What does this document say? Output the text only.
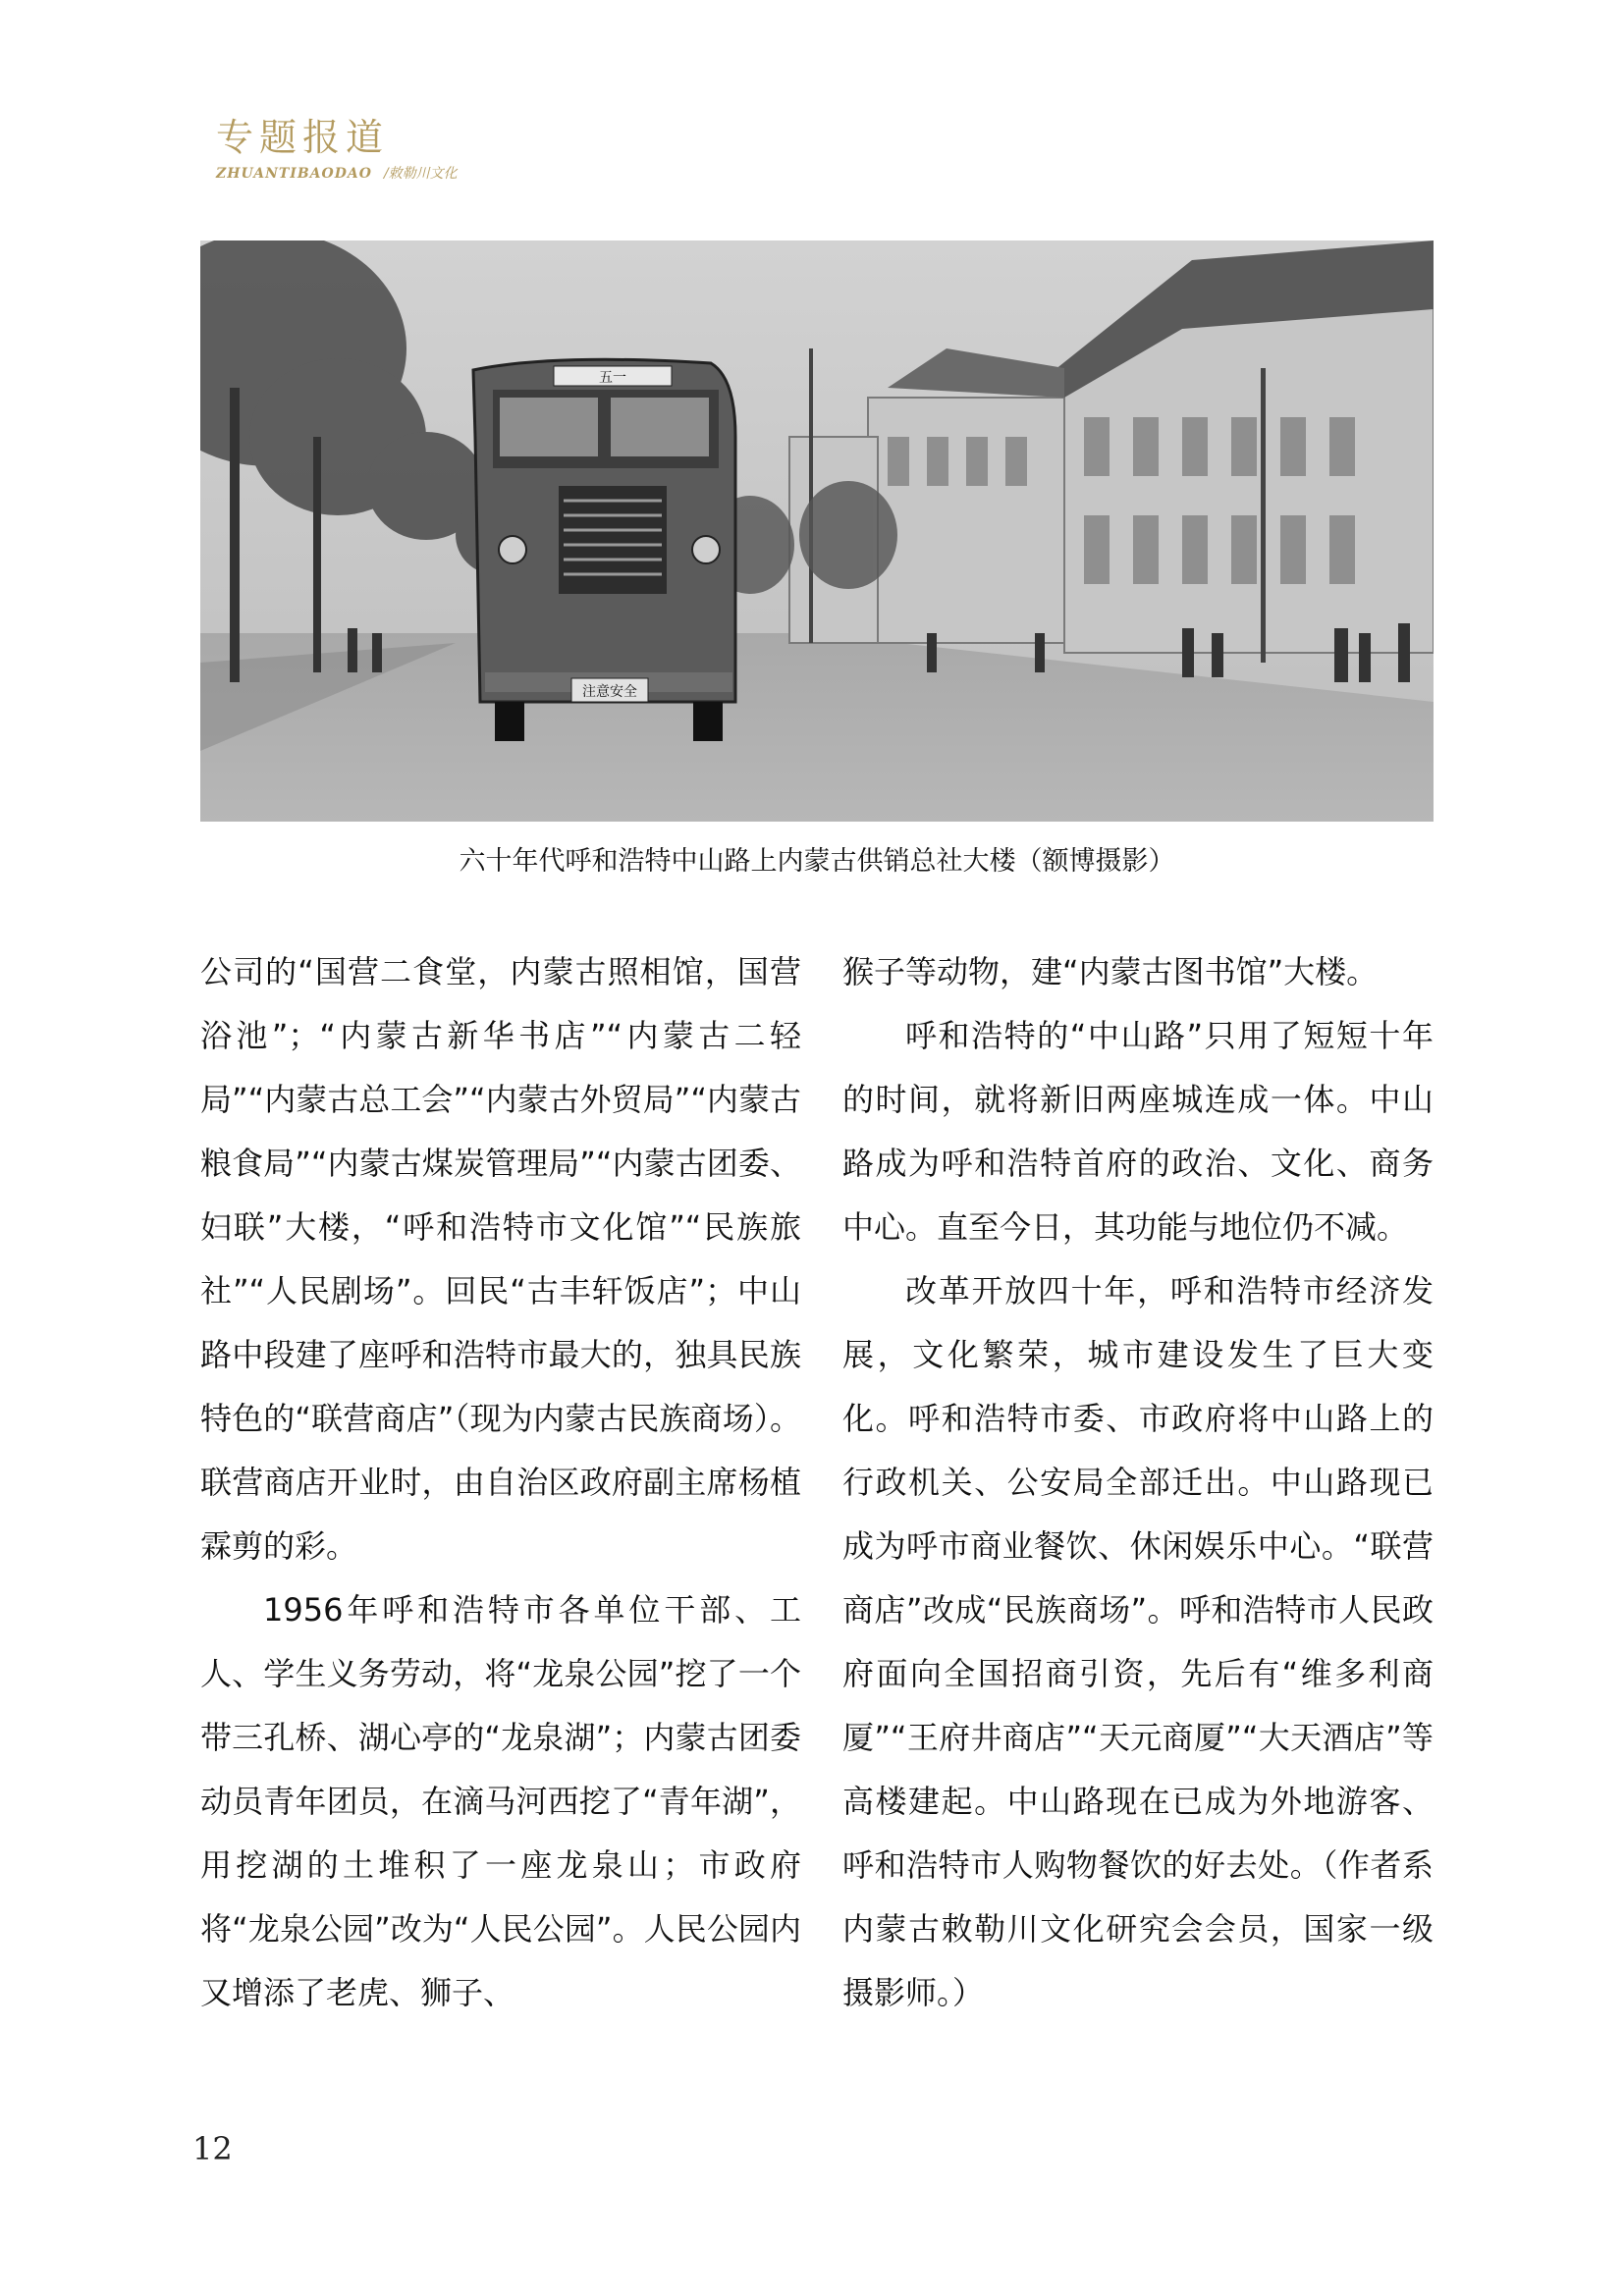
专题报道
ZHUANTIBAODAO /敕勒川文化
五一
注意安全
六十年代呼和浩特中山路上内蒙古供销总社大楼（额博摄影）

公司的“国营二食堂，内蒙古照相馆，国营浴池”；“内蒙古新华书店”“内蒙古二轻局”“内蒙古总工会”“内蒙古外贸局”“内蒙古粮食局”“内蒙古煤炭管理局”“内蒙古团委、妇联”大楼，“呼和浩特市文化馆”“民族旅社”“人民剧场”。回民“古丰轩饭店”；中山路中段建了座呼和浩特市最大的，独具民族特色的“联营商店”（现为内蒙古民族商场）。联营商店开业时，由自治区政府副主席杨植霖剪的彩。

1956年呼和浩特市各单位干部、工人、学生义务劳动，将“龙泉公园”挖了一个带三孔桥、湖心亭的“龙泉湖”；内蒙古团委动员青年团员，在滴马河西挖了“青年湖”，用挖湖的土堆积了一座龙泉山；市政府将“龙泉公园”改为“人民公园”。人民公园内又增添了老虎、狮子、

猴子等动物，建“内蒙古图书馆”大楼。

呼和浩特的“中山路”只用了短短十年的时间，就将新旧两座城连成一体。中山路成为呼和浩特首府的政治、文化、商务中心。直至今日，其功能与地位仍不减。

改革开放四十年，呼和浩特市经济发展，文化繁荣，城市建设发生了巨大变化。呼和浩特市委、市政府将中山路上的行政机关、公安局全部迁出。中山路现已成为呼市商业餐饮、休闲娱乐中心。“联营商店”改成“民族商场”。呼和浩特市人民政府面向全国招商引资，先后有“维多利商厦”“王府井商店”“天元商厦”“大天酒店”等高楼建起。中山路现在已成为外地游客、呼和浩特市人购物餐饮的好去处。（作者系内蒙古敕勒川文化研究会会员，国家一级摄影师。）

12
